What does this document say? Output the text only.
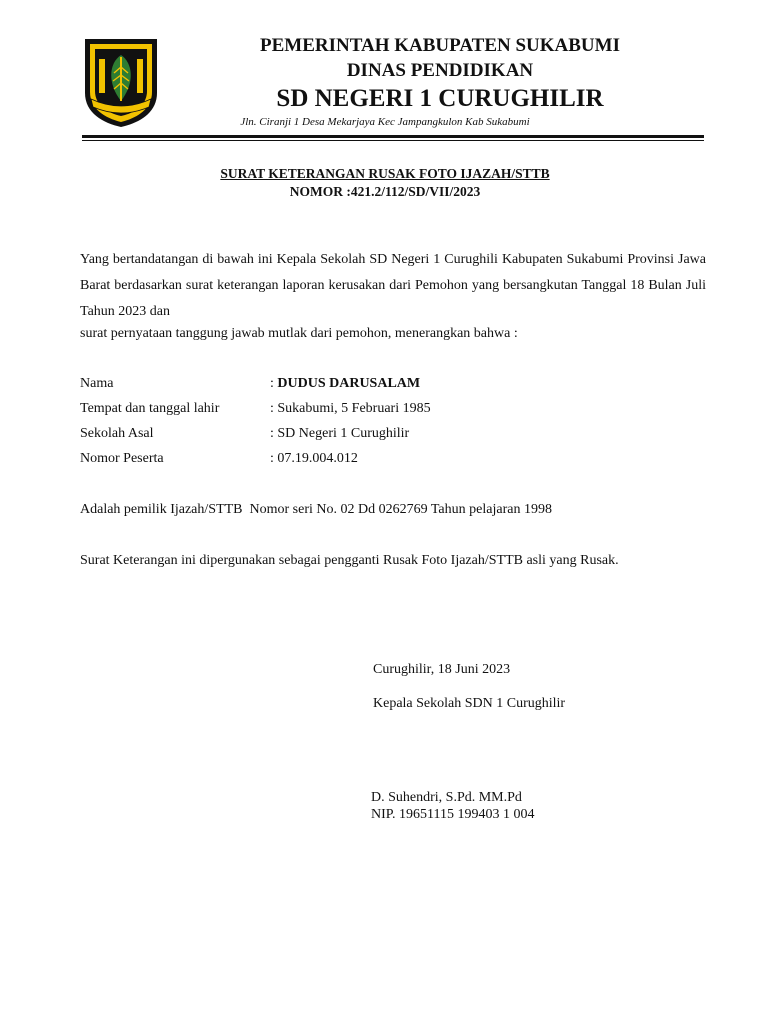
PEMERINTAH KABUPATEN SUKABUMI
DINAS PENDIDIKAN
SD NEGERI 1 CURUGHILIR
Jln. Ciranji 1 Desa Mekarjaya Kec Jampangkulon Kab Sukabumi
SURAT KETERANGAN RUSAK FOTO IJAZAH/STTB
NOMOR :421.2/112/SD/VII/2023
Yang bertandatangan di bawah ini Kepala Sekolah SD Negeri 1 Curughili Kabupaten Sukabumi Provinsi Jawa Barat berdasarkan surat keterangan laporan kerusakan dari Pemohon yang bersangkutan Tanggal 18 Bulan Juli Tahun 2023 dan
surat pernyataan tanggung jawab mutlak dari pemohon, menerangkan bahwa :
Nama	: DUDUS DARUSALAM
Tempat dan tanggal lahir	: Sukabumi, 5 Februari 1985
Sekolah Asal	: SD Negeri 1 Curughilir
Nomor Peserta	: 07.19.004.012
Adalah pemilik Ijazah/STTB  Nomor seri No. 02 Dd 0262769 Tahun pelajaran 1998
Surat Keterangan ini dipergunakan sebagai pengganti Rusak Foto Ijazah/STTB asli yang Rusak.
Curughilir, 18 Juni 2023
Kepala Sekolah SDN 1 Curughilir
D. Suhendri, S.Pd. MM.Pd
NIP. 19651115 199403 1 004
